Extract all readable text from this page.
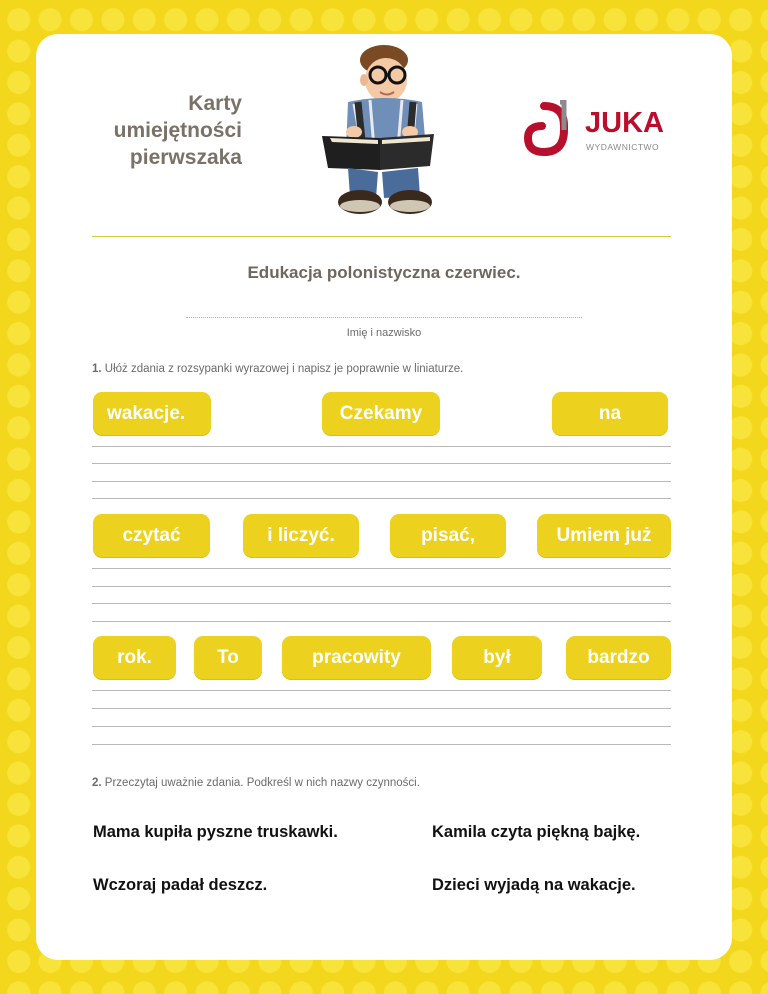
Karty
umiejętności
pierwszaka
JUKA
WYDAWNICTWO
Edukacja polonistyczna czerwiec.
Imię i nazwisko
1. Ułóż zdania z rozsypanki wyrazowej i napisz je poprawnie w liniaturze.
wakacje.	Czekamy	na
czytać	i liczyć.	pisać,	Umiem już
rok.	To	pracowity	był	bardzo
2. Przeczytaj uważnie zdania. Podkreśl w nich nazwy czynności.
Mama kupiła pyszne truskawki.	Kamila czyta piękną bajkę.
Wczoraj padał deszcz.	Dzieci wyjadą na wakacje.
